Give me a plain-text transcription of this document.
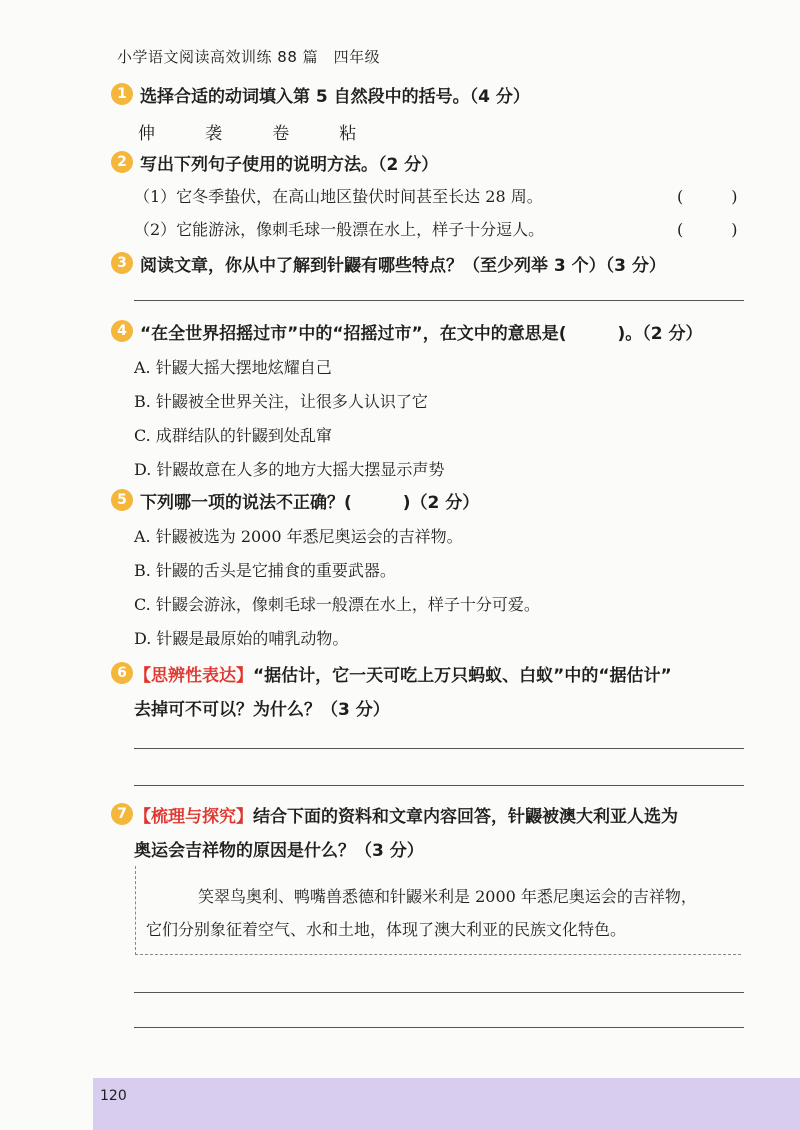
小学语文阅读高效训练 88 篇　四年级
1 选择合适的动词填入第 5 自然段中的括号。（4 分）
伸	袭	卷	粘
2 写出下列句子使用的说明方法。（2 分）
（1）它冬季蛰伏，在高山地区蛰伏时间甚至长达 28 周。	(　　　)
（2）它能游泳，像刺毛球一般漂在水上，样子十分逗人。	(　　　)
3 阅读文章，你从中了解到针鼹有哪些特点？（至少列举 3 个）（3 分）
4 “在全世界招摇过市”中的“招摇过市”，在文中的意思是(　　　)。（2 分）
A. 针鼹大摇大摆地炫耀自己
B. 针鼹被全世界关注，让很多人认识了它
C. 成群结队的针鼹到处乱窜
D. 针鼹故意在人多的地方大摇大摆显示声势
5 下列哪一项的说法不正确？(　　　)（2 分）
A. 针鼹被选为 2000 年悉尼奥运会的吉祥物。
B. 针鼹的舌头是它捕食的重要武器。
C. 针鼹会游泳，像刺毛球一般漂在水上，样子十分可爱。
D. 针鼹是最原始的哺乳动物。
6 【思辨性表达】“据估计，它一天可吃上万只蚂蚁、白蚁”中的“据估计”
去掉可不可以？为什么？（3 分）
7 【梳理与探究】结合下面的资料和文章内容回答，针鼹被澳大利亚人选为
奥运会吉祥物的原因是什么？（3 分）
　　笑翠鸟奥利、鸭嘴兽悉德和针鼹米利是 2000 年悉尼奥运会的吉祥物，
它们分别象征着空气、水和土地，体现了澳大利亚的民族文化特色。
120
